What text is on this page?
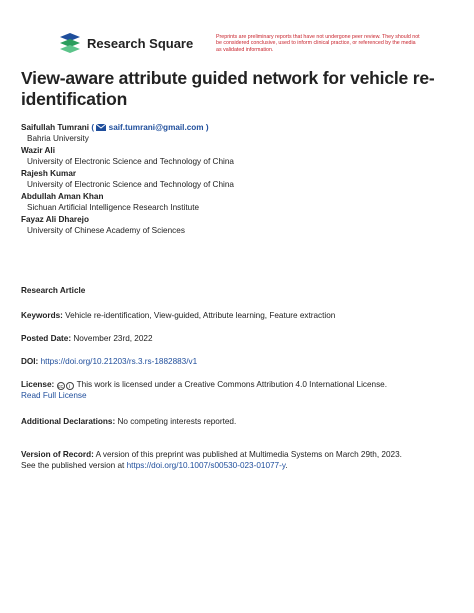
Research Square	Preprints are preliminary reports that have not undergone peer review. They should not be considered conclusive, used to inform clinical practice, or referenced by the media as validated information.
View-aware attribute guided network for vehicle re-identification
Saifullah Tumrani (  saif.tumrani@gmail.com )
Bahria University
Wazir Ali
University of Electronic Science and Technology of China
Rajesh Kumar
University of Electronic Science and Technology of China
Abdullah Aman Khan
Sichuan Artificial Intelligence Research Institute
Fayaz Ali Dharejo
University of Chinese Academy of Sciences
Research Article
Keywords: Vehicle re-identification, View-guided, Attribute learning, Feature extraction
Posted Date: November 23rd, 2022
DOI: https://doi.org/10.21203/rs.3.rs-1882883/v1
License: cc i This work is licensed under a Creative Commons Attribution 4.0 International License.
Read Full License
Additional Declarations: No competing interests reported.
Version of Record: A version of this preprint was published at Multimedia Systems on March 29th, 2023.
See the published version at https://doi.org/10.1007/s00530-023-01077-y.
